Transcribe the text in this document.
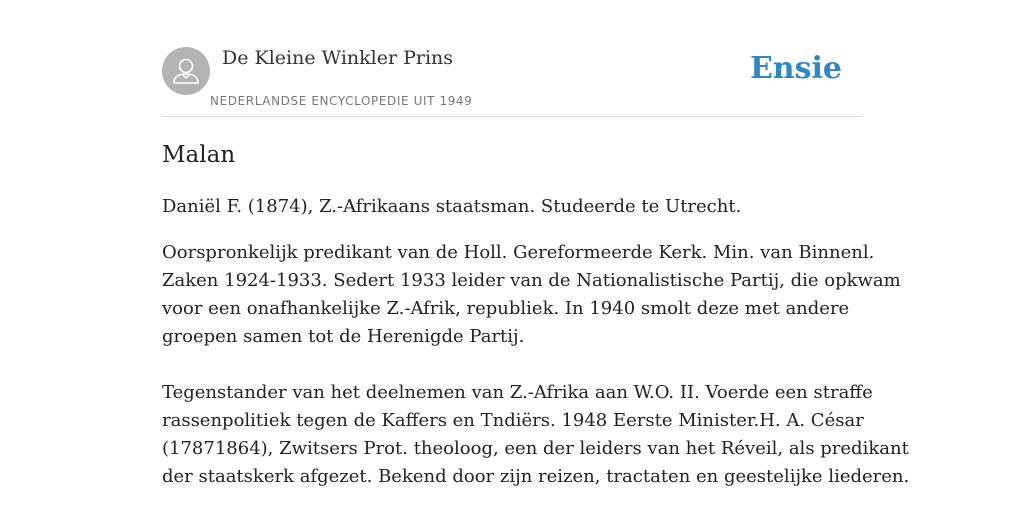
De Kleine Winkler Prins
NEDERLANDSE ENCYCLOPEDIE UIT 1949
Ensie
Malan

Daniël F. (1874), Z.-Afrikaans staatsman. Studeerde te Utrecht.

Oorspronkelijk predikant van de Holl. Gereformeerde Kerk. Min. van Binnenl.
Zaken 1924-1933. Sedert 1933 leider van de Nationalistische Partij, die opkwam
voor een onafhankelijke Z.-Afrik, republiek. In 1940 smolt deze met andere
groepen samen tot de Herenigde Partij.

Tegenstander van het deelnemen van Z.-Afrika aan W.O. II. Voerde een straffe
rassenpolitiek tegen de Kaffers en Tndiërs. 1948 Eerste Minister.H. A. César
(17871864), Zwitsers Prot. theoloog, een der leiders van het Réveil, als predikant
der staatskerk afgezet. Bekend door zijn reizen, tractaten en geestelijke liederen.
